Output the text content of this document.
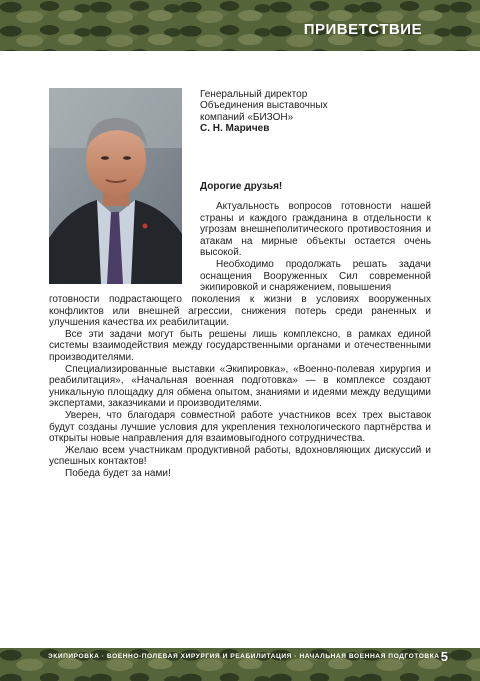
ПРИВЕТСТВИЕ
Генеральный директор
Объединения выставочных
компаний «БИЗОН»
С. Н. Маричев
Дорогие друзья!

Актуальность вопросов готовности нашей страны и каждого гражданина в отдельности к угрозам внешнеполитического противостояния и атакам на мирные объекты остается очень высокой.

Необходимо продолжать решать задачи оснащения Вооруженных Сил современной экипировкой и снаряжением, повышения

готовности подрастающего поколения к жизни в условиях вооруженных конфликтов или внешней агрессии, снижения потерь среди раненных и улучшения качества их реабилитации.

Все эти задачи могут быть решены лишь комплексно, в рамках единой системы взаимодействия между государственными органами и отечественными производителями.

Специализированные выставки «Экипировка», «Военно-полевая хирургия и реабилитация», «Начальная военная подготовка» — в комплексе создают уникальную площадку для обмена опытом, знаниями и идеями между ведущими экспертами, заказчиками и производителями.

Уверен, что благодаря совместной работе участников всех трех выставок будут созданы лучшие условия для укрепления технологического партнёрства и открыты новые направления для взаимовыгодного сотрудничества.

Желаю всем участникам продуктивной работы, вдохновляющих дискуссий и успешных контактов!

Победа будет за нами!

ЭКИПИРОВКА · ВОЕННО-ПОЛЕВАЯ ХИРУРГИЯ И РЕАБИЛИТАЦИЯ · НАЧАЛЬНАЯ ВОЕННАЯ ПОДГОТОВКА 5
